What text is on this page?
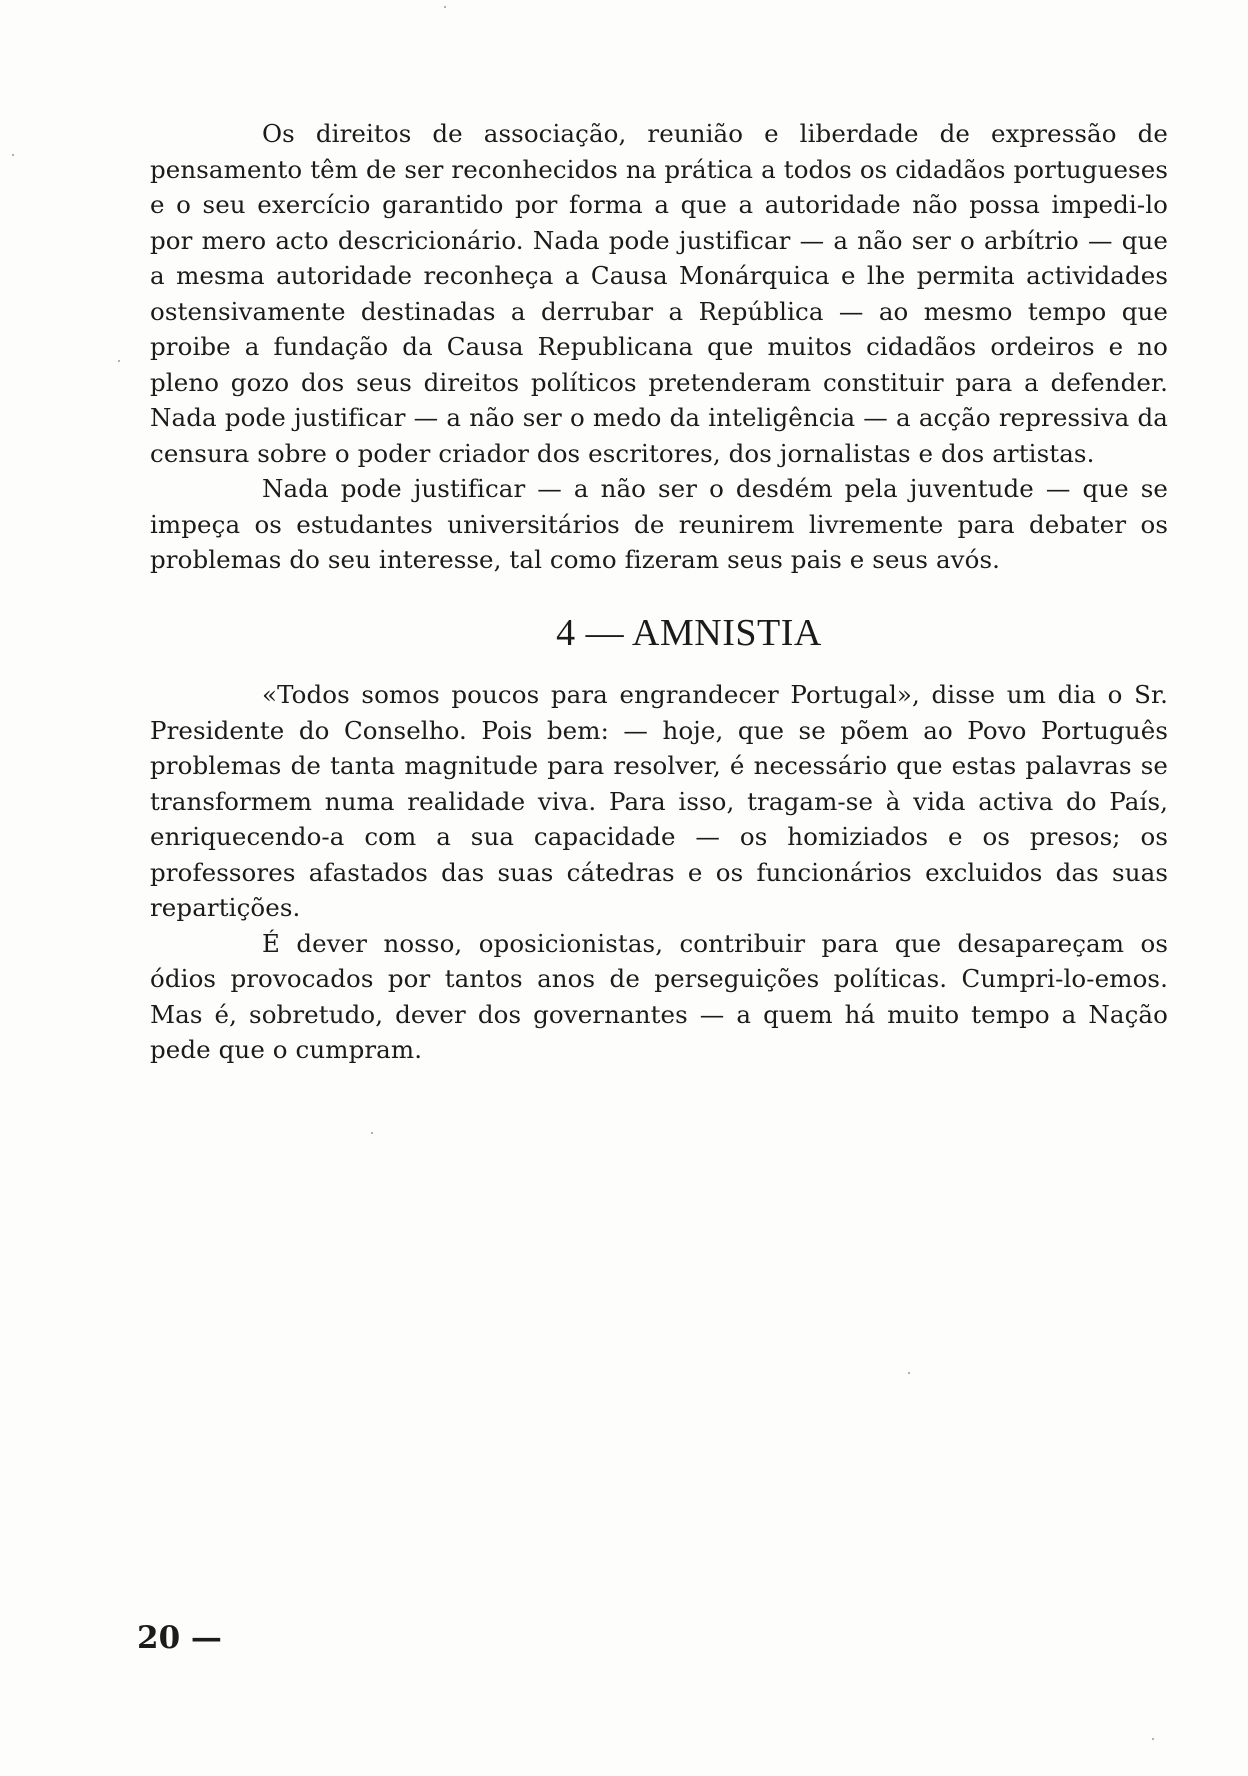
Os direitos de associação, reunião e liberdade de expressão de pensamento têm de ser reconhecidos na prática a todos os cidadãos portugueses e o seu exercício garantido por forma a que a autoridade não possa impedi-lo por mero acto descricionário. Nada pode justificar — a não ser o arbítrio — que a mesma autoridade reconheça a Causa Monárquica e lhe permita actividades ostensivamente destinadas a derrubar a República — ao mesmo tempo que proibe a fundação da Causa Republicana que muitos cidadãos ordeiros e no pleno gozo dos seus direitos políticos pretenderam constituir para a defender. Nada pode justificar — a não ser o medo da inteligência — a acção repressiva da censura sobre o poder criador dos escritores, dos jornalistas e dos artistas.

Nada pode justificar — a não ser o desdém pela juventude — que se impeça os estudantes universitários de reunirem livremente para debater os problemas do seu interesse, tal como fizeram seus pais e seus avós.

4 — AMNISTIA

«Todos somos poucos para engrandecer Portugal», disse um dia o Sr. Presidente do Conselho. Pois bem: — hoje, que se põem ao Povo Português problemas de tanta magnitude para resolver, é necessário que estas palavras se transformem numa realidade viva. Para isso, tragam-se à vida activa do País, enriquecendo-a com a sua capacidade — os homiziados e os presos; os professores afastados das suas cátedras e os funcionários excluidos das suas repartições.

É dever nosso, oposicionistas, contribuir para que desapareçam os ódios provocados por tantos anos de perseguições políticas. Cumpri-lo-emos. Mas é, sobretudo, dever dos governantes — a quem há muito tempo a Nação pede que o cumpram.

20 —
